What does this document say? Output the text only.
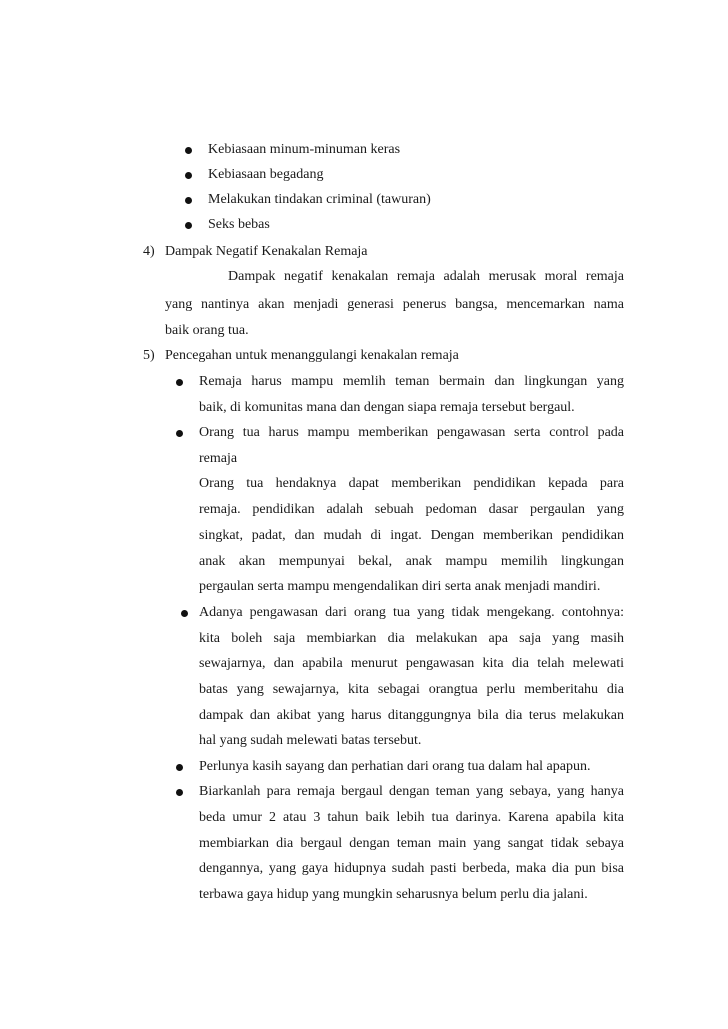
Kebiasaan minum-minuman keras
Kebiasaan begadang
Melakukan tindakan criminal (tawuran)
Seks bebas
4) Dampak Negatif Kenakalan Remaja
Dampak negatif kenakalan remaja adalah merusak moral remaja
yang nantinya akan menjadi generasi penerus bangsa, mencemarkan nama
baik orang tua.
5) Pencegahan untuk menanggulangi kenakalan remaja
Remaja harus mampu memlih teman bermain dan lingkungan yang
baik, di komunitas mana dan dengan siapa remaja tersebut bergaul.
Orang tua harus mampu memberikan pengawasan serta control pada
remaja
Orang tua hendaknya dapat memberikan pendidikan kepada para
remaja. pendidikan adalah sebuah pedoman dasar pergaulan yang
singkat, padat, dan mudah di ingat. Dengan memberikan pendidikan
anak akan mempunyai bekal, anak mampu memilih lingkungan
pergaulan serta mampu mengendalikan diri serta anak menjadi mandiri.
Adanya pengawasan dari orang tua yang tidak mengekang. contohnya:
kita boleh saja membiarkan dia melakukan apa saja yang masih
sewajarnya, dan apabila menurut pengawasan kita dia telah melewati
batas yang sewajarnya, kita sebagai orangtua perlu memberitahu dia
dampak dan akibat yang harus ditanggungnya bila dia terus melakukan
hal yang sudah melewati batas tersebut.
Perlunya kasih sayang dan perhatian dari orang tua dalam hal apapun.
Biarkanlah para remaja bergaul dengan teman yang sebaya, yang hanya
beda umur 2 atau 3 tahun baik lebih tua darinya. Karena apabila kita
membiarkan dia bergaul dengan teman main yang sangat tidak sebaya
dengannya, yang gaya hidupnya sudah pasti berbeda, maka dia pun bisa
terbawa gaya hidup yang mungkin seharusnya belum perlu dia jalani.
